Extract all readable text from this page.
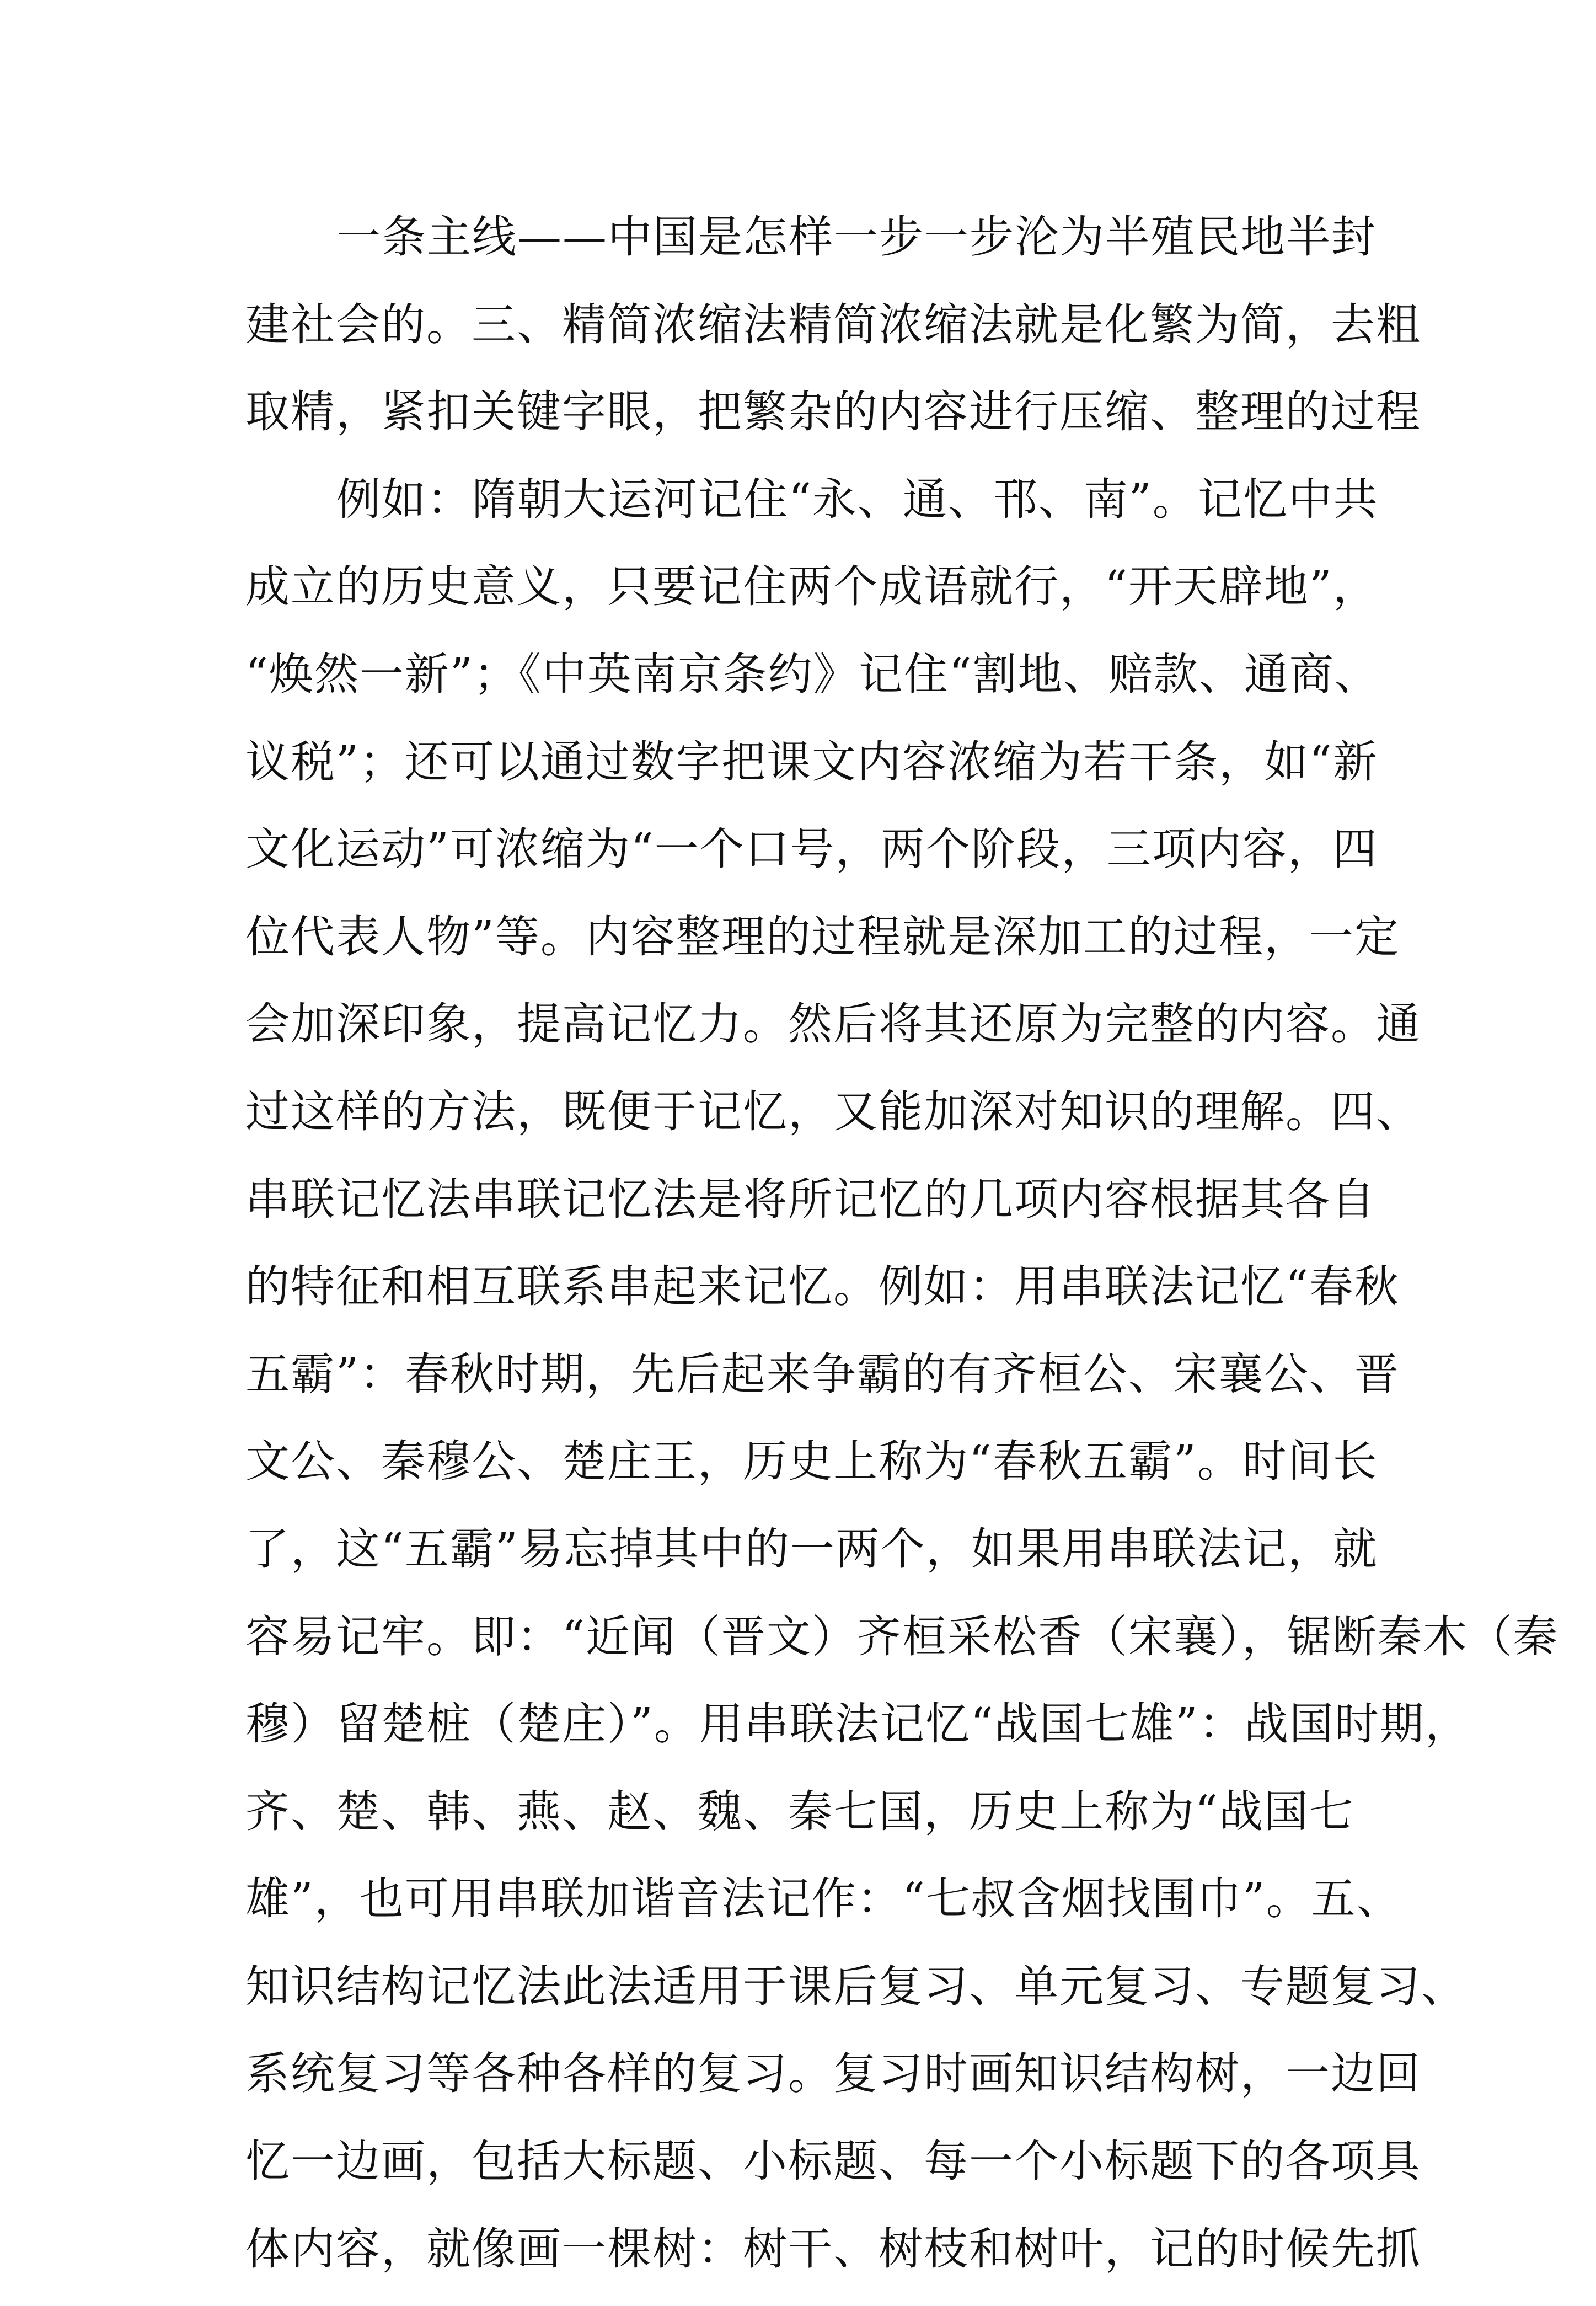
一条主线——中国是怎样一步一步沦为半殖民地半封
建社会的。三、精简浓缩法精简浓缩法就是化繁为简，去粗
取精，紧扣关键字眼，把繁杂的内容进行压缩、整理的过程
例如：隋朝大运河记住“永、通、邗、南”。记忆中共
成立的历史意义，只要记住两个成语就行，“开天辟地”，
“焕然一新”；《中英南京条约》记住“割地、赔款、通商、
议税”；还可以通过数字把课文内容浓缩为若干条，如“新
文化运动”可浓缩为“一个口号，两个阶段，三项内容，四
位代表人物”等。内容整理的过程就是深加工的过程，一定
会加深印象，提高记忆力。然后将其还原为完整的内容。通
过这样的方法，既便于记忆，又能加深对知识的理解。四、
串联记忆法串联记忆法是将所记忆的几项内容根据其各自
的特征和相互联系串起来记忆。例如：用串联法记忆“春秋
五霸”：春秋时期，先后起来争霸的有齐桓公、宋襄公、晋
文公、秦穆公、楚庄王，历史上称为“春秋五霸”。时间长
了，这“五霸”易忘掉其中的一两个，如果用串联法记，就
容易记牢。即：“近闻（晋文）齐桓采松香（宋襄），锯断秦木（秦
穆）留楚桩（楚庄）”。用串联法记忆“战国七雄”：战国时期，
齐、楚、韩、燕、赵、魏、秦七国，历史上称为“战国七
雄”，也可用串联加谐音法记作：“七叔含烟找围巾”。五、
知识结构记忆法此法适用于课后复习、单元复习、专题复习、
系统复习等各种各样的复习。复习时画知识结构树，一边回
忆一边画，包括大标题、小标题、每一个小标题下的各项具
体内容，就像画一棵树：树干、树枝和树叶，记的时候先抓
